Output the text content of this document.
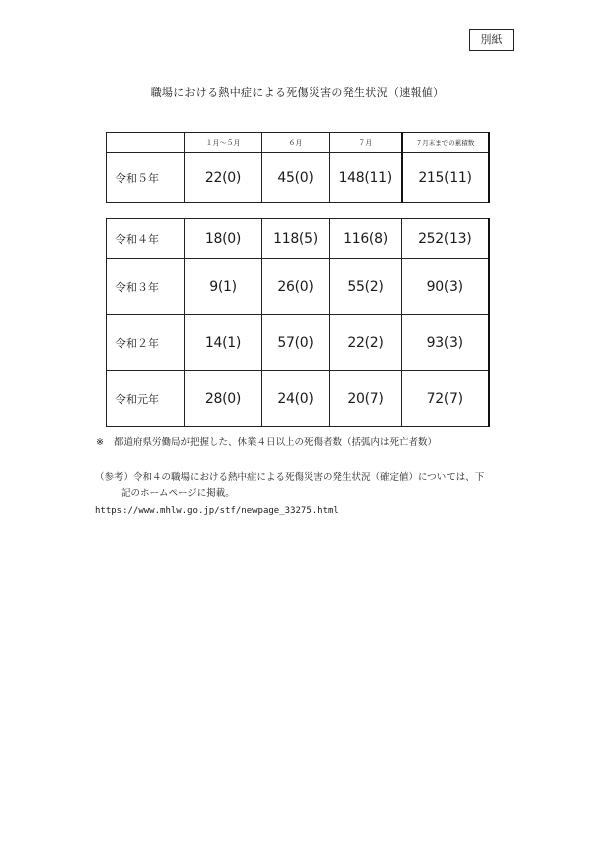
別紙
職場における熱中症による死傷災害の発生状況（速報値）
	１月～５月	６月	７月	７月末までの累積数
令和５年	22(0)	45(0)	148(11)	215(11)
令和４年	18(0)	118(5)	116(8)	252(13)
令和３年	9(1)	26(0)	55(2)	90(3)
令和２年	14(1)	57(0)	22(2)	93(3)
令和元年	28(0)	24(0)	20(7)	72(7)
※ 都道府県労働局が把握した、休業４日以上の死傷者数（括弧内は死亡者数）
（参考）令和４の職場における熱中症による死傷災害の発生状況（確定値）については、下
記のホームページに掲載。
https://www.mhlw.go.jp/stf/newpage_33275.html
